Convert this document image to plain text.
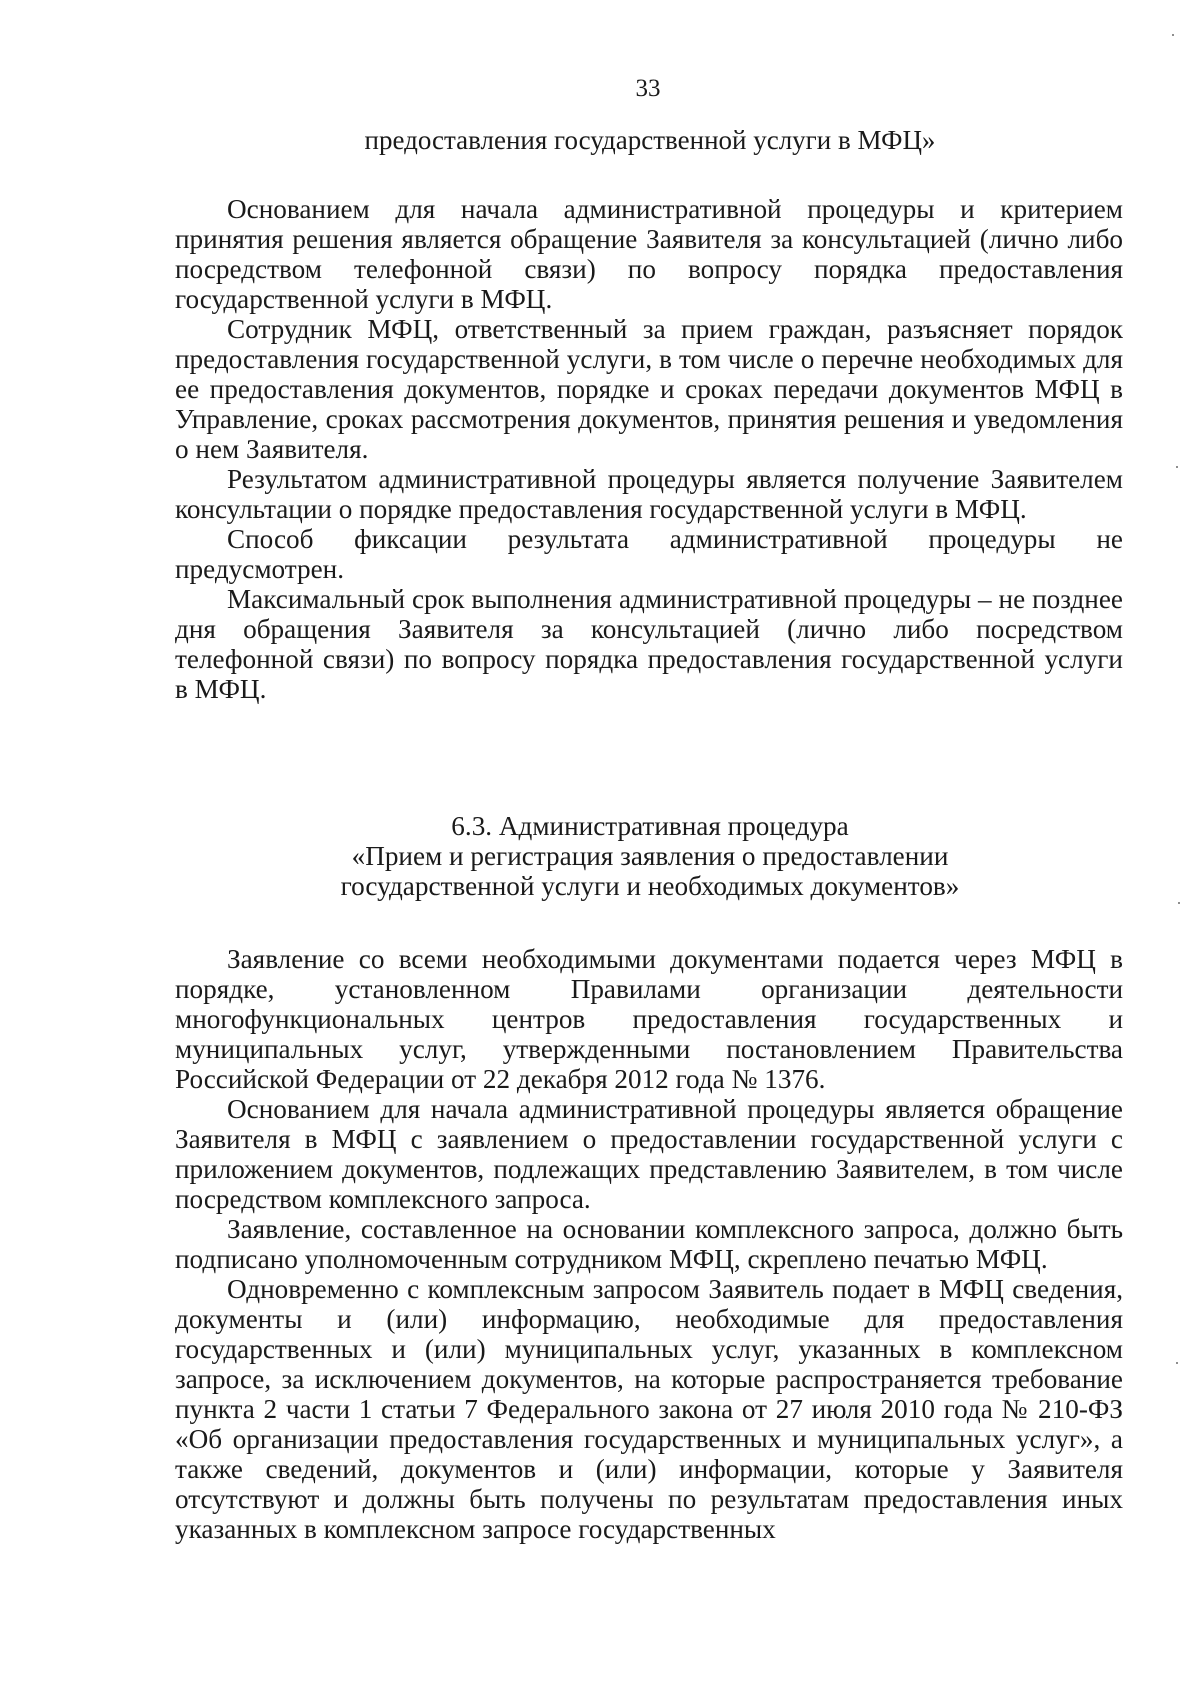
33
предоставления государственной услуги в МФЦ»

Основанием для начала административной процедуры и критерием принятия решения является обращение Заявителя за консультацией (лично либо посредством телефонной связи) по вопросу порядка предоставления государственной услуги в МФЦ.

Сотрудник МФЦ, ответственный за прием граждан, разъясняет порядок предоставления государственной услуги, в том числе о перечне необходимых для ее предоставления документов, порядке и сроках передачи документов МФЦ в Управление, сроках рассмотрения документов, принятия решения и уведомления о нем Заявителя.

Результатом административной процедуры является получение Заявителем консультации о порядке предоставления государственной услуги в МФЦ.

Способ фиксации результата административной процедуры не предусмотрен.

Максимальный срок выполнения административной процедуры – не позднее дня обращения Заявителя за консультацией (лично либо посредством телефонной связи) по вопросу порядка предоставления государственной услуги в МФЦ.

6.3. Административная процедура
«Прием и регистрация заявления о предоставлении
государственной услуги и необходимых документов»

Заявление со всеми необходимыми документами подается через МФЦ в порядке, установленном Правилами организации деятельности многофункциональных центров предоставления государственных и муниципальных услуг, утвержденными постановлением Правительства Российской Федерации от 22 декабря 2012 года № 1376.

Основанием для начала административной процедуры является обращение Заявителя в МФЦ с заявлением о предоставлении государственной услуги с приложением документов, подлежащих представлению Заявителем, в том числе посредством комплексного запроса.

Заявление, составленное на основании комплексного запроса, должно быть подписано уполномоченным сотрудником МФЦ, скреплено печатью МФЦ.

Одновременно с комплексным запросом Заявитель подает в МФЦ сведения, документы и (или) информацию, необходимые для предоставления государственных и (или) муниципальных услуг, указанных в комплексном запросе, за исключением документов, на которые распространяется требование пункта 2 части 1 статьи 7 Федерального закона от 27 июля 2010 года № 210-ФЗ «Об организации предоставления государственных и муниципальных услуг», а также сведений, документов и (или) информации, которые у Заявителя отсутствуют и должны быть получены по результатам предоставления иных указанных в комплексном запросе государственных
